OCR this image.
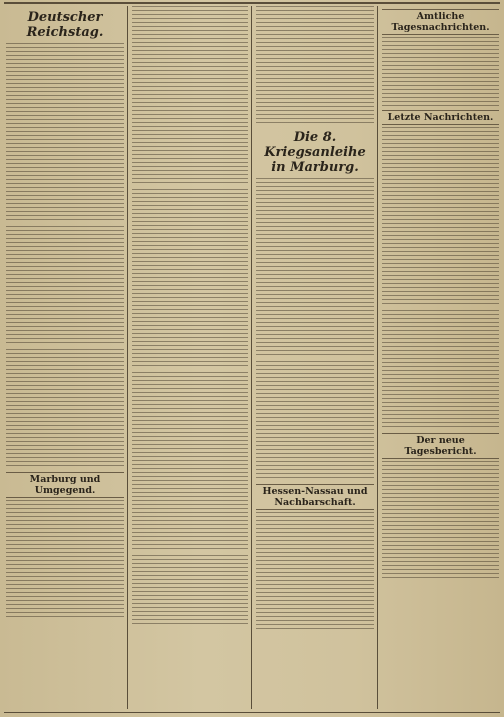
Deutscher Reichstag.
Marburg und Umgegend.
Die 8. Kriegsanleihe in Marburg.
Hessen-Nassau und Nachbarschaft.
Amtliche Tagesnachrichten.
Letzte Nachrichten.
Der neue Tagesbericht.
